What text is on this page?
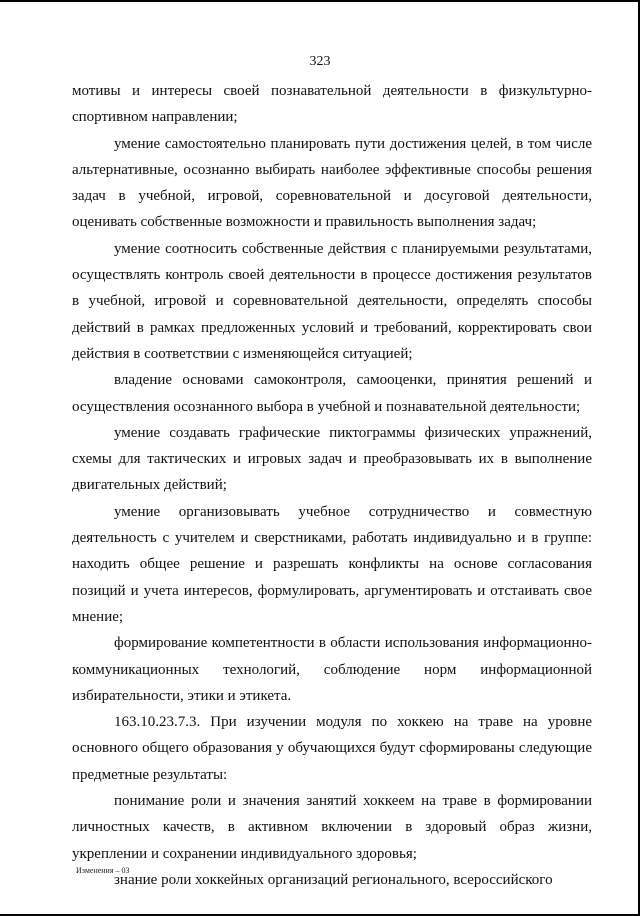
323

мотивы и интересы своей познавательной деятельности в физкультурно-спортивном направлении;

умение самостоятельно планировать пути достижения целей, в том числе альтернативные, осознанно выбирать наиболее эффективные способы решения задач в учебной, игровой, соревновательной и досуговой деятельности, оценивать собственные возможности и правильность выполнения задач;

умение соотносить собственные действия с планируемыми результатами, осуществлять контроль своей деятельности в процессе достижения результатов в учебной, игровой и соревновательной деятельности, определять способы действий в рамках предложенных условий и требований, корректировать свои действия в соответствии с изменяющейся ситуацией;

владение основами самоконтроля, самооценки, принятия решений и осуществления осознанного выбора в учебной и познавательной деятельности;

умение создавать графические пиктограммы физических упражнений, схемы для тактических и игровых задач и преобразовывать их в выполнение двигательных действий;

умение организовывать учебное сотрудничество и совместную деятельность с учителем и сверстниками, работать индивидуально и в группе: находить общее решение и разрешать конфликты на основе согласования позиций и учета интересов, формулировать, аргументировать и отстаивать свое мнение;

формирование компетентности в области использования информационно-коммуникационных технологий, соблюдение норм информационной избирательности, этики и этикета.

163.10.23.7.3. При изучении модуля по хоккею на траве на уровне основного общего образования у обучающихся будут сформированы следующие предметные результаты:

понимание роли и значения занятий хоккеем на траве в формировании личностных качеств, в активном включении в здоровый образ жизни, укреплении и сохранении индивидуального здоровья;

знание роли хоккейных организаций регионального, всероссийского

Изменения – 03
